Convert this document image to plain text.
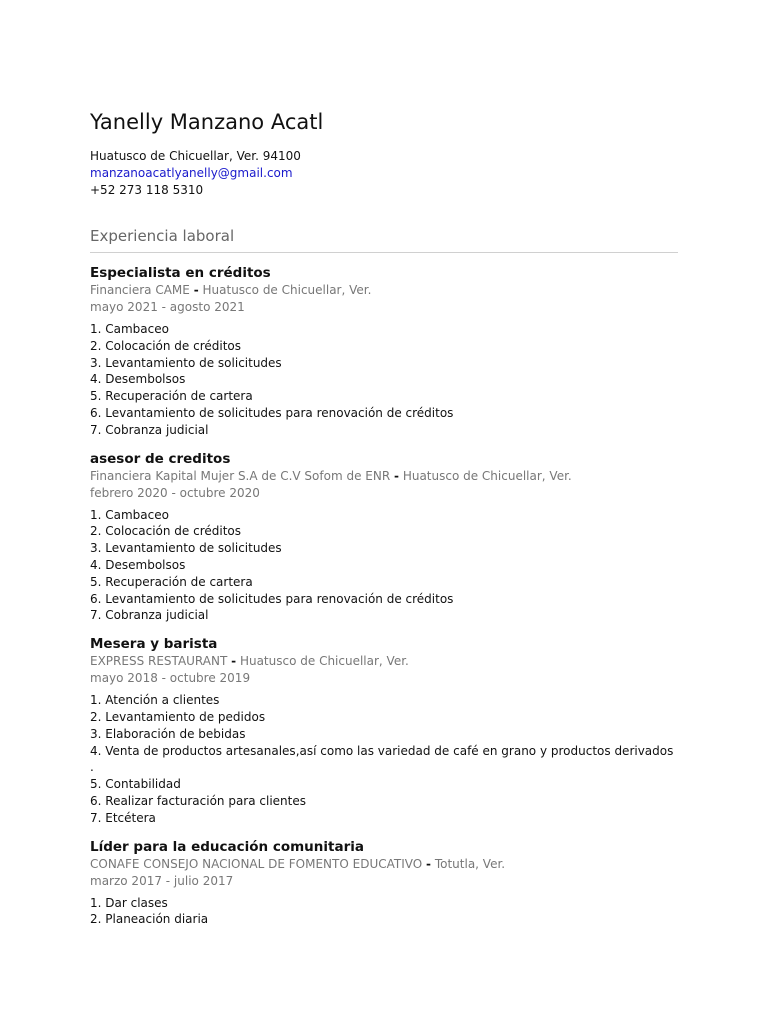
Yanelly Manzano Acatl
Huatusco de Chicuellar, Ver. 94100
manzanoacatlyanelly@gmail.com
+52 273 118 5310
Experiencia laboral
Especialista en créditos
Financiera CAME - Huatusco de Chicuellar, Ver.
mayo 2021 - agosto 2021
1. Cambaceo
2. Colocación de créditos
3. Levantamiento de solicitudes
4. Desembolsos
5. Recuperación de cartera
6. Levantamiento de solicitudes para renovación de créditos
7. Cobranza judicial
asesor de creditos
Financiera Kapital Mujer S.A de C.V Sofom de ENR - Huatusco de Chicuellar, Ver.
febrero 2020 - octubre 2020
1. Cambaceo
2. Colocación de créditos
3. Levantamiento de solicitudes
4. Desembolsos
5. Recuperación de cartera
6. Levantamiento de solicitudes para renovación de créditos
7. Cobranza judicial
Mesera y barista
EXPRESS RESTAURANT - Huatusco de Chicuellar, Ver.
mayo 2018 - octubre 2019
1. Atención a clientes
2. Levantamiento de pedidos
3. Elaboración de bebidas
4. Venta de productos artesanales,así como las variedad de café en grano y productos derivados .
5. Contabilidad
6. Realizar facturación para clientes
7. Etcétera
Líder para la educación comunitaria
CONAFE CONSEJO NACIONAL DE FOMENTO EDUCATIVO - Totutla, Ver.
marzo 2017 - julio 2017
1. Dar clases
2. Planeación diaria
